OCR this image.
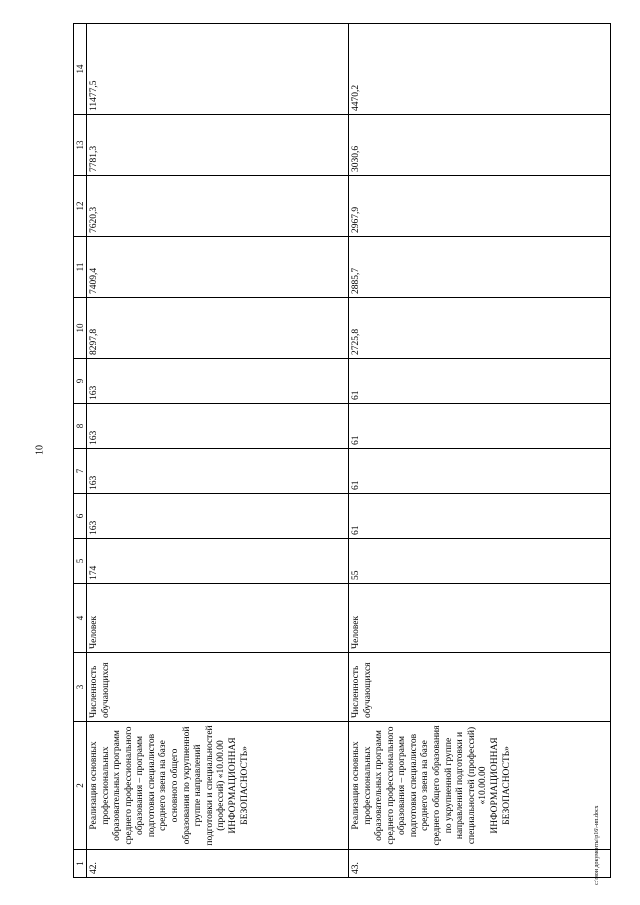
10
1	2	3	4	5	6	7	8	9	10	11	12	13	14
42.	Реализация основных профессиональных образовательных программ среднего профессионального образования – программ подготовки специалистов среднего звена на базе основного общего образования по укрупненной группе направлений подготовки и специальностей (профессий) «10.00.00 ИНФОРМАЦИОННАЯ БЕЗОПАСНОСТЬ»	Численность обучающихся	Человек	174	163	163	163	163	8297,8	7409,4	7620,3	7781,3	11477,5
43.	Реализация основных профессиональных образовательных программ среднего профессионального образования – программ подготовки специалистов среднего звена на базе среднего общего образования по укрупненной группе направлений подготовки и специальностей (профессий) «10.00.00 ИНФОРМАЦИОННАЯ БЕЗОПАСНОСТЬ»	Численность обучающихся	Человек	55	61	61	61	61	2725,8	2885,7	2967,9	3030,6	4470,2
c:\мои документы\р16\-ип.docx
